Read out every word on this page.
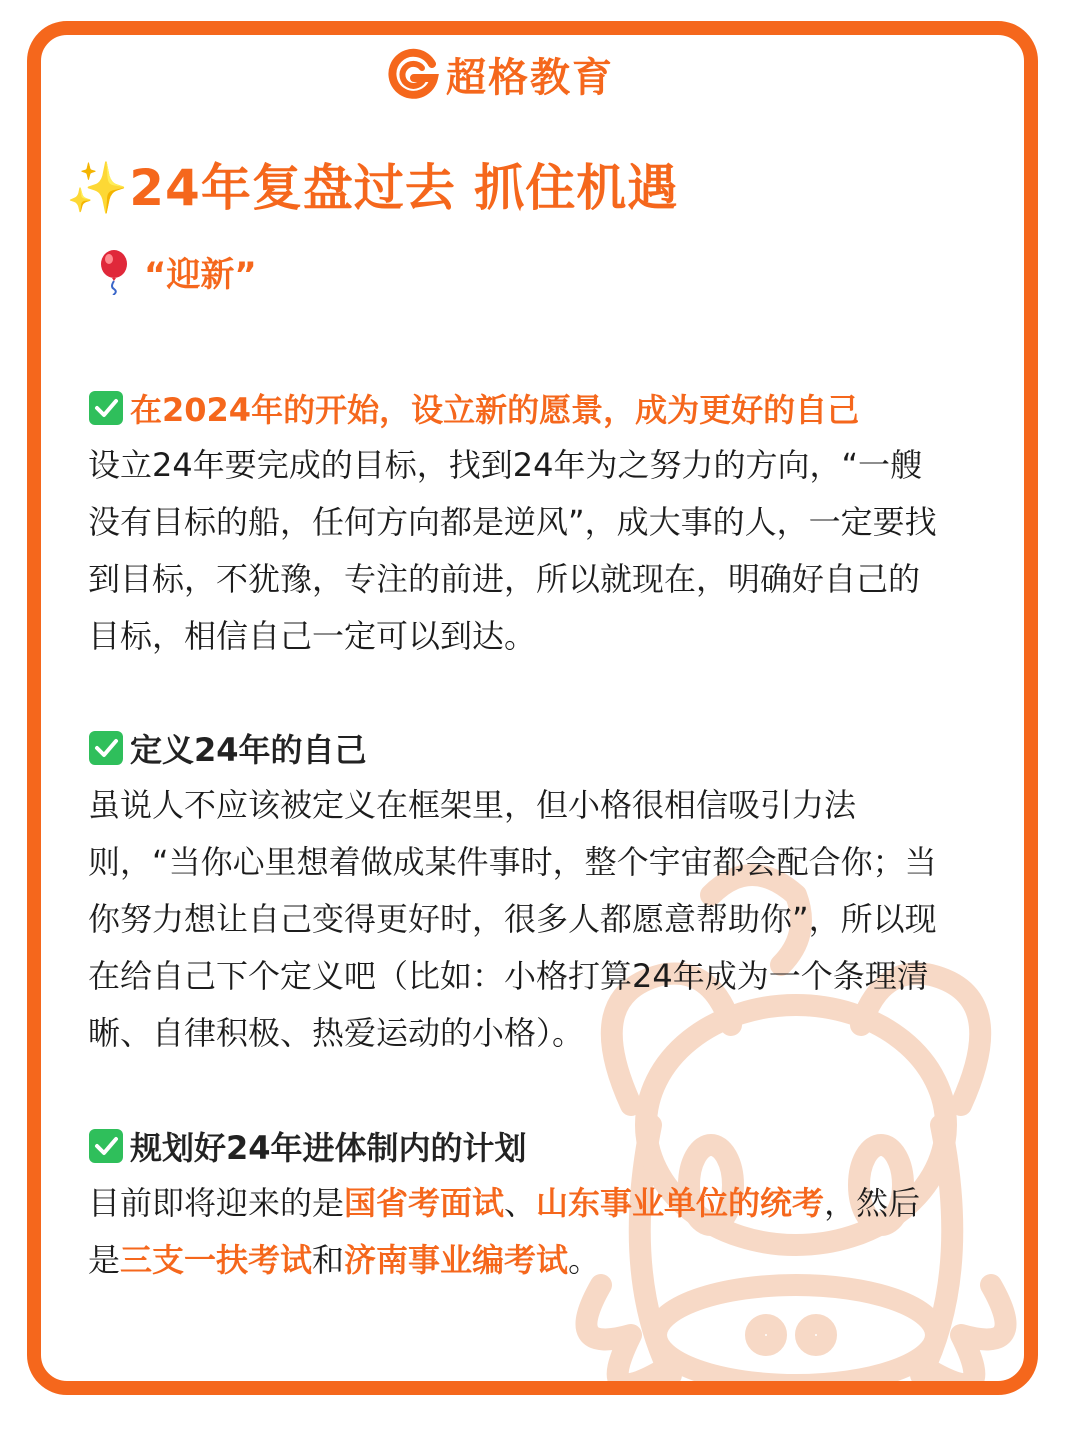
超格教育
✨24年复盘过去 抓住机遇
“迎新”
在2024年的开始，设立新的愿景，成为更好的自己

设立24年要完成的目标，找到24年为之努力的方向，“一艘没有目标的船，任何方向都是逆风”，成大事的人，一定要找到目标，不犹豫，专注的前进，所以就现在，明确好自己的目标，相信自己一定可以到达。

定义24年的自己

虽说人不应该被定义在框架里，但小格很相信吸引力法则，“当你心里想着做成某件事时，整个宇宙都会配合你；当你努力想让自己变得更好时，很多人都愿意帮助你”，所以现在给自己下个定义吧（比如：小格打算24年成为一个条理清晰、自律积极、热爱运动的小格）。

规划好24年进体制内的计划

目前即将迎来的是国省考面试、山东事业单位的统考，然后是三支一扶考试和济南事业编考试。
